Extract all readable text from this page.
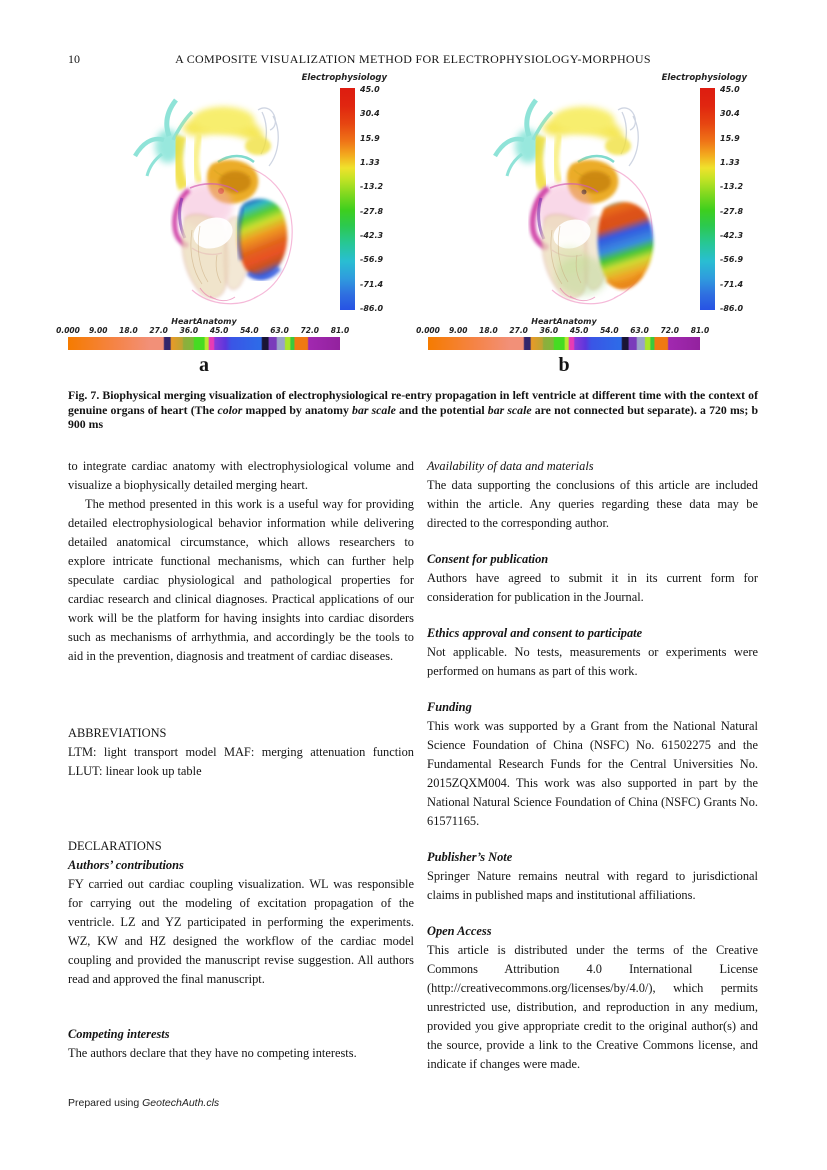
10	A COMPOSITE VISUALIZATION METHOD FOR ELECTROPHYSIOLOGY-MORPHOUS
Electrophysiology
45.0
30.4
15.9
1.33
-13.2
-27.8
-42.3
-56.9
-71.4
-86.0
HeartAnatomy
0.000 9.00 18.0 27.0 36.0 45.0 54.0 63.0 72.0 81.0
a
Electrophysiology
45.0
30.4
15.9
1.33
-13.2
-27.8
-42.3
-56.9
-71.4
-86.0
HeartAnatomy
0.000 9.00 18.0 27.0 36.0 45.0 54.0 63.0 72.0 81.0
b
Fig. 7. Biophysical merging visualization of electrophysiological re-entry propagation in left ventricle at different time with the context of genuine organs of heart (The color mapped by anatomy bar scale and the potential bar scale are not connected but separate). a 720 ms; b 900 ms
to integrate cardiac anatomy with electrophysiological volume and visualize a biophysically detailed merging heart.
The method presented in this work is a useful way for providing detailed electrophysiological behavior information while delivering detailed anatomical circumstance, which allows researchers to explore intricate functional mechanisms, which can further help speculate cardiac physiological and pathological properties for cardiac research and clinical diagnoses. Practical applications of our work will be the platform for having insights into cardiac disorders such as mechanisms of arrhythmia, and accordingly be the tools to aid in the prevention, diagnosis and treatment of cardiac diseases.
ABBREVIATIONS
LTM: light transport model MAF: merging attenuation function LLUT: linear look up table
DECLARATIONS
Authors’ contributions
FY carried out cardiac coupling visualization. WL was responsible for carrying out the modeling of excitation propagation of the ventricle. LZ and YZ participated in performing the experiments. WZ, KW and HZ designed the workflow of the cardiac model coupling and provided the manuscript revise suggestion. All authors read and approved the final manuscript.
Competing interests
The authors declare that they have no competing interests.
Availability of data and materials
The data supporting the conclusions of this article are included within the article. Any queries regarding these data may be directed to the corresponding author.
Consent for publication
Authors have agreed to submit it in its current form for consideration for publication in the Journal.
Ethics approval and consent to participate
Not applicable. No tests, measurements or experiments were performed on humans as part of this work.
Funding
This work was supported by a Grant from the National Natural Science Foundation of China (NSFC) No. 61502275 and the Fundamental Research Funds for the Central Universities No. 2015ZQXM004. This work was also supported in part by the National Natural Science Foundation of China (NSFC) Grants No. 61571165.
Publisher’s Note
Springer Nature remains neutral with regard to jurisdictional claims in published maps and institutional affiliations.
Open Access
This article is distributed under the terms of the Creative Commons Attribution 4.0 International License (http://creativecommons.org/licenses/by/4.0/), which permits unrestricted use, distribution, and reproduction in any medium, provided you give appropriate credit to the original author(s) and the source, provide a link to the Creative Commons license, and indicate if changes were made.
Prepared using GeotechAuth.cls
